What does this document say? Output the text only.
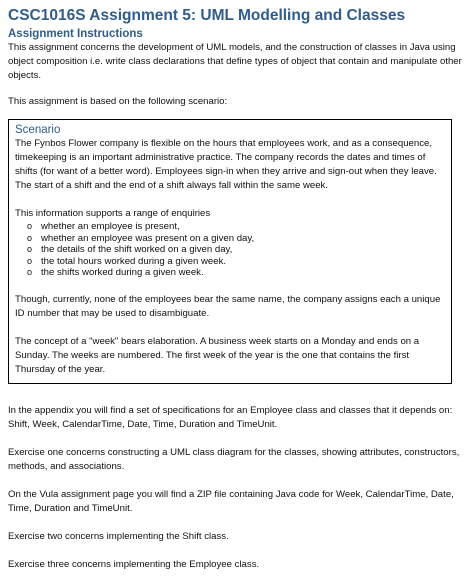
CSC1016S Assignment 5: UML Modelling and Classes
Assignment Instructions

This assignment concerns the development of UML models, and the construction of classes in Java using object composition i.e. write class declarations that define types of object that contain and manipulate other objects.

This assignment is based on the following scenario:

Scenario

The Fynbos Flower company is flexible on the hours that employees work, and as a consequence, timekeeping is an important administrative practice. The company records the dates and times of shifts (for want of a better word). Employees sign-in when they arrive and sign-out when they leave. The start of a shift and the end of a shift always fall within the same week.

This information supports a range of enquiries

o whether an employee is present,
o whether an employee was present on a given day,
o the details of the shift worked on a given day,
o the total hours worked during a given week.
o the shifts worked during a given week.

Though, currently, none of the employees bear the same name, the company assigns each a unique ID number that may be used to disambiguate.

The concept of a "week" bears elaboration. A business week starts on a Monday and ends on a Sunday. The weeks are numbered. The first week of the year is the one that contains the first Thursday of the year.

In the appendix you will find a set of specifications for an Employee class and classes that it depends on: Shift, Week, CalendarTime, Date, Time, Duration and TimeUnit.

Exercise one concerns constructing a UML class diagram for the classes, showing attributes, constructors, methods, and associations.

On the Vula assignment page you will find a ZIP file containing Java code for Week, CalendarTime, Date, Time, Duration and TimeUnit.

Exercise two concerns implementing the Shift class.

Exercise three concerns implementing the Employee class.
